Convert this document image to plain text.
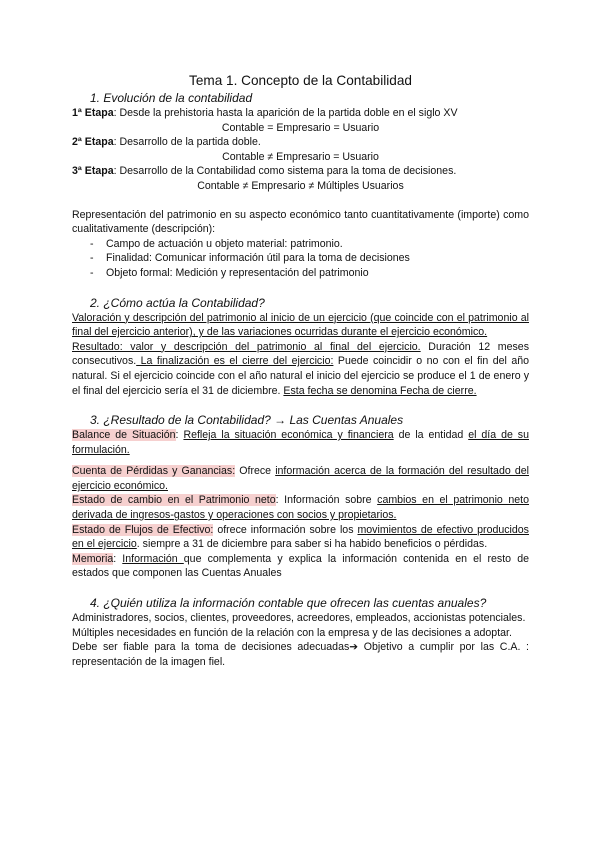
Tema 1. Concepto de la Contabilidad

1. Evolución de la contabilidad

1ª Etapa: Desde la prehistoria hasta la aparición de la partida doble en el siglo XV

Contable = Empresario = Usuario

2ª Etapa: Desarrollo de la partida doble.

Contable ≠ Empresario = Usuario

3ª Etapa: Desarrollo de la Contabilidad como sistema para la toma de decisiones.

Contable ≠ Empresario ≠ Múltiples Usuarios

Representación del patrimonio en su aspecto económico tanto cuantitativamente (importe) como cualitativamente (descripción):

- Campo de actuación u objeto material: patrimonio.
- Finalidad: Comunicar información útil para la toma de decisiones
- Objeto formal: Medición y representación del patrimonio

2. ¿Cómo actúa la Contabilidad?

Valoración y descripción del patrimonio al inicio de un ejercicio (que coincide con el patrimonio al final del ejercicio anterior), y de las variaciones ocurridas durante el ejercicio económico.

Resultado: valor y descripción del patrimonio al final del ejercicio. Duración 12 meses consecutivos. La finalización es el cierre del ejercicio: Puede coincidir o no con el fin del año natural. Si el ejercicio coincide con el año natural el inicio del ejercicio se produce el 1 de enero y el final del ejercicio sería el 31 de diciembre. Esta fecha se denomina Fecha de cierre.

3. ¿Resultado de la Contabilidad? → Las Cuentas Anuales

Balance de Situación: Refleja la situación económica y financiera de la entidad el día de su formulación.

Cuenta de Pérdidas y Ganancias: Ofrece información acerca de la formación del resultado del ejercicio económico.

Estado de cambio en el Patrimonio neto: Información sobre cambios en el patrimonio neto derivada de ingresos-gastos y operaciones con socios y propietarios.

Estado de Flujos de Efectivo: ofrece información sobre los movimientos de efectivo producidos en el ejercicio. siempre a 31 de diciembre para saber si ha habido beneficios o pérdidas.

Memoria: Información que complementa y explica la información contenida en el resto de estados que componen las Cuentas Anuales

4. ¿Quién utiliza la información contable que ofrecen las cuentas anuales?

Administradores, socios, clientes, proveedores, acreedores, empleados, accionistas potenciales.

Múltiples necesidades en función de la relación con la empresa y de las decisiones a adoptar.

Debe ser fiable para la toma de decisiones adecuadas➔ Objetivo a cumplir por las C.A. : representación de la imagen fiel.
